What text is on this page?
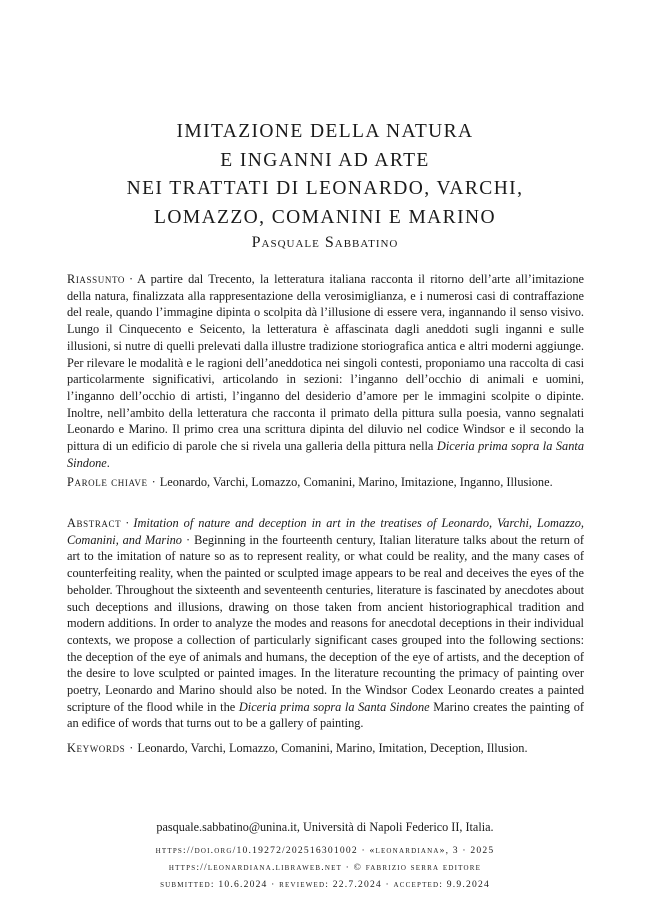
IMITAZIONE DELLA NATURA
E INGANNI AD ARTE
NEI TRATTATI DI LEONARDO, VARCHI,
LOMAZZO, COMANINI E MARINO
Pasquale Sabbatino

Riassunto · A partire dal Trecento, la letteratura italiana racconta il ritorno dell’arte all’imitazione della natura, finalizzata alla rappresentazione della verosimiglianza, e i numerosi casi di contraffazione del reale, quando l’immagine dipinta o scolpita dà l’illusione di essere vera, ingannando il senso visivo. Lungo il Cinquecento e Seicento, la letteratura è affascinata dagli aneddoti sugli inganni e sulle illusioni, si nutre di quelli prelevati dalla illustre tradizione storiografica antica e altri moderni aggiunge. Per rilevare le modalità e le ragioni dell’aneddotica nei singoli contesti, proponiamo una raccolta di casi particolarmente significativi, articolando in sezioni: l’inganno dell’occhio di animali e uomini, l’inganno dell’occhio di artisti, l’inganno del desiderio d’amore per le immagini scolpite o dipinte. Inoltre, nell’ambito della letteratura che racconta il primato della pittura sulla poesia, vanno segnalati Leonardo e Marino. Il primo crea una scrittura dipinta del diluvio nel codice Windsor e il secondo la pittura di un edificio di parole che si rivela una galleria della pittura nella Diceria prima sopra la Santa Sindone.

Parole chiave · Leonardo, Varchi, Lomazzo, Comanini, Marino, Imitazione, Inganno, Illusione.

Abstract · Imitation of nature and deception in art in the treatises of Leonardo, Varchi, Lomazzo, Comanini, and Marino · Beginning in the fourteenth century, Italian literature talks about the return of art to the imitation of nature so as to represent reality, or what could be reality, and the many cases of counterfeiting reality, when the painted or sculpted image appears to be real and deceives the eyes of the beholder. Throughout the sixteenth and seventeenth centuries, literature is fascinated by anecdotes about such deceptions and illusions, drawing on those taken from ancient historiographical tradition and modern additions. In order to analyze the modes and reasons for anecdotal deceptions in their individual contexts, we propose a collection of particularly significant cases grouped into the following sections: the deception of the eye of animals and humans, the deception of the eye of artists, and the deception of the desire to love sculpted or painted images. In the literature recounting the primacy of painting over poetry, Leonardo and Marino should also be noted. In the Windsor Codex Leonardo creates a painted scripture of the flood while in the Diceria prima sopra la Santa Sindone Marino creates the painting of an edifice of words that turns out to be a gallery of painting.

Keywords · Leonardo, Varchi, Lomazzo, Comanini, Marino, Imitation, Deception, Illusion.

pasquale.sabbatino@unina.it, Università di Napoli Federico II, Italia.
https://doi.org/10.19272/202516301002 · «leonardiana», 3 · 2025
https://leonardiana.libraweb.net · © fabrizio serra editore
submitted: 10.6.2024 · reviewed: 22.7.2024 · accepted: 9.9.2024
